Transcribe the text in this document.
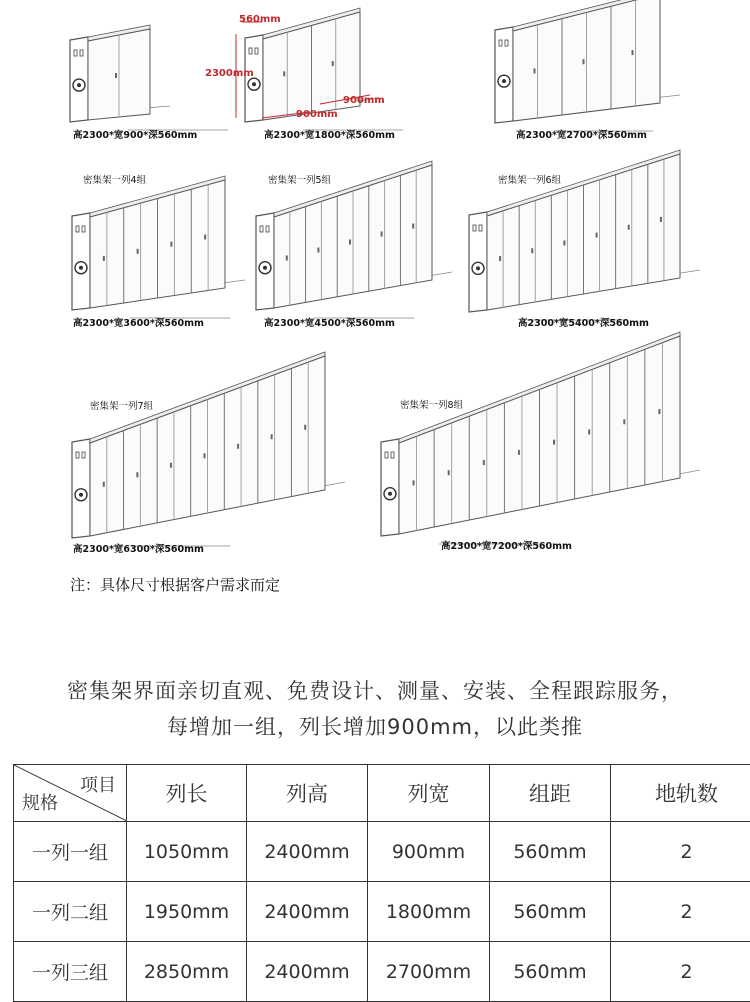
560mm
2300mm
900mm
900mm
高2300*宽900*深560mm	高2300*宽1800*深560mm	高2300*宽2700*深560mm
高2300*宽3600*深560mm	高2300*宽4500*深560mm	高2300*宽5400*深560mm
高2300*宽6300*深560mm	高2300*宽7200*深560mm
密集架一列4组	密集架一列5组	密集架一列6组
密集架一列7组	密集架一列8组
注：具体尺寸根据客户需求而定
密集架界面亲切直观、免费设计、测量、安装、全程跟踪服务，
每增加一组，列长增加900mm，以此类推
项目
规格	列长	列高	列宽	组距	地轨数
一列一组	1050mm	2400mm	900mm	560mm	2
一列二组	1950mm	2400mm	1800mm	560mm	2
一列三组	2850mm	2400mm	2700mm	560mm	2
